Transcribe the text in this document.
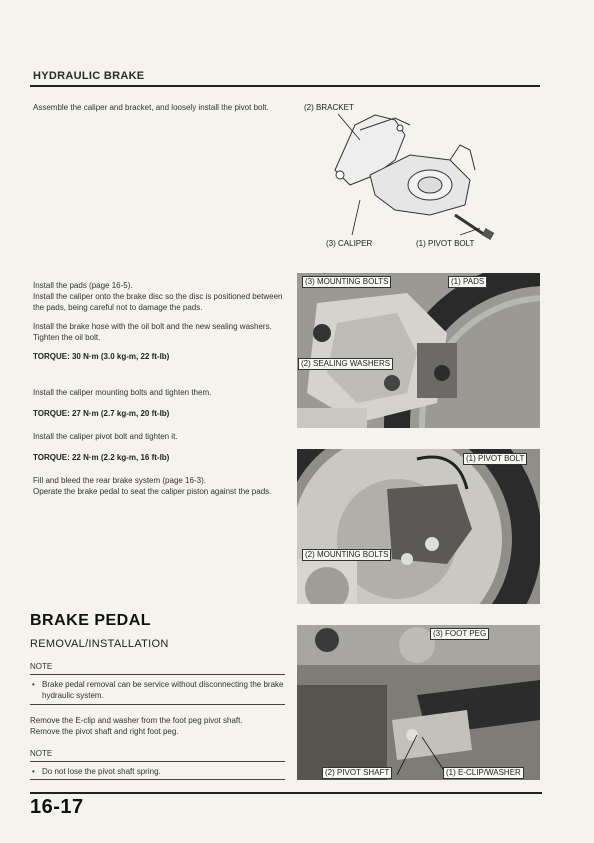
HYDRAULIC BRAKE
Assemble the caliper and bracket, and loosely install the pivot bolt.
Install the pads (page 16-5).
Install the caliper onto the brake disc so the disc is positioned between the pads, being careful not to damage the pads.
Install the brake hose with the oil bolt and the new sealing washers. Tighten the oil bolt.
TORQUE: 30 N·m (3.0 kg-m, 22 ft-lb)
Install the caliper mounting bolts and tighten them.
TORQUE: 27 N·m (2.7 kg-m, 20 ft-lb)
Install the caliper pivot bolt and tighten it.
TORQUE: 22 N·m (2.2 kg-m, 16 ft-lb)
Fill and bleed the rear brake system (page 16-3).
Operate the brake pedal to seat the caliper piston against the pads.
(2) BRACKET
(3) CALIPER	(1) PIVOT BOLT
(3) MOUNTING BOLTS	(1) PADS
(2) SEALING WASHERS
(1) PIVOT BOLT
(2) MOUNTING BOLTS
BRAKE PEDAL
REMOVAL/INSTALLATION
NOTE
• Brake pedal removal can be service without disconnecting the brake hydraulic system.
Remove the E-clip and washer from the foot peg pivot shaft.
Remove the pivot shaft and right foot peg.
NOTE
• Do not lose the pivot shaft spring.
(3) FOOT PEG
(2) PIVOT SHAFT	(1) E-CLIP/WASHER
16-17
